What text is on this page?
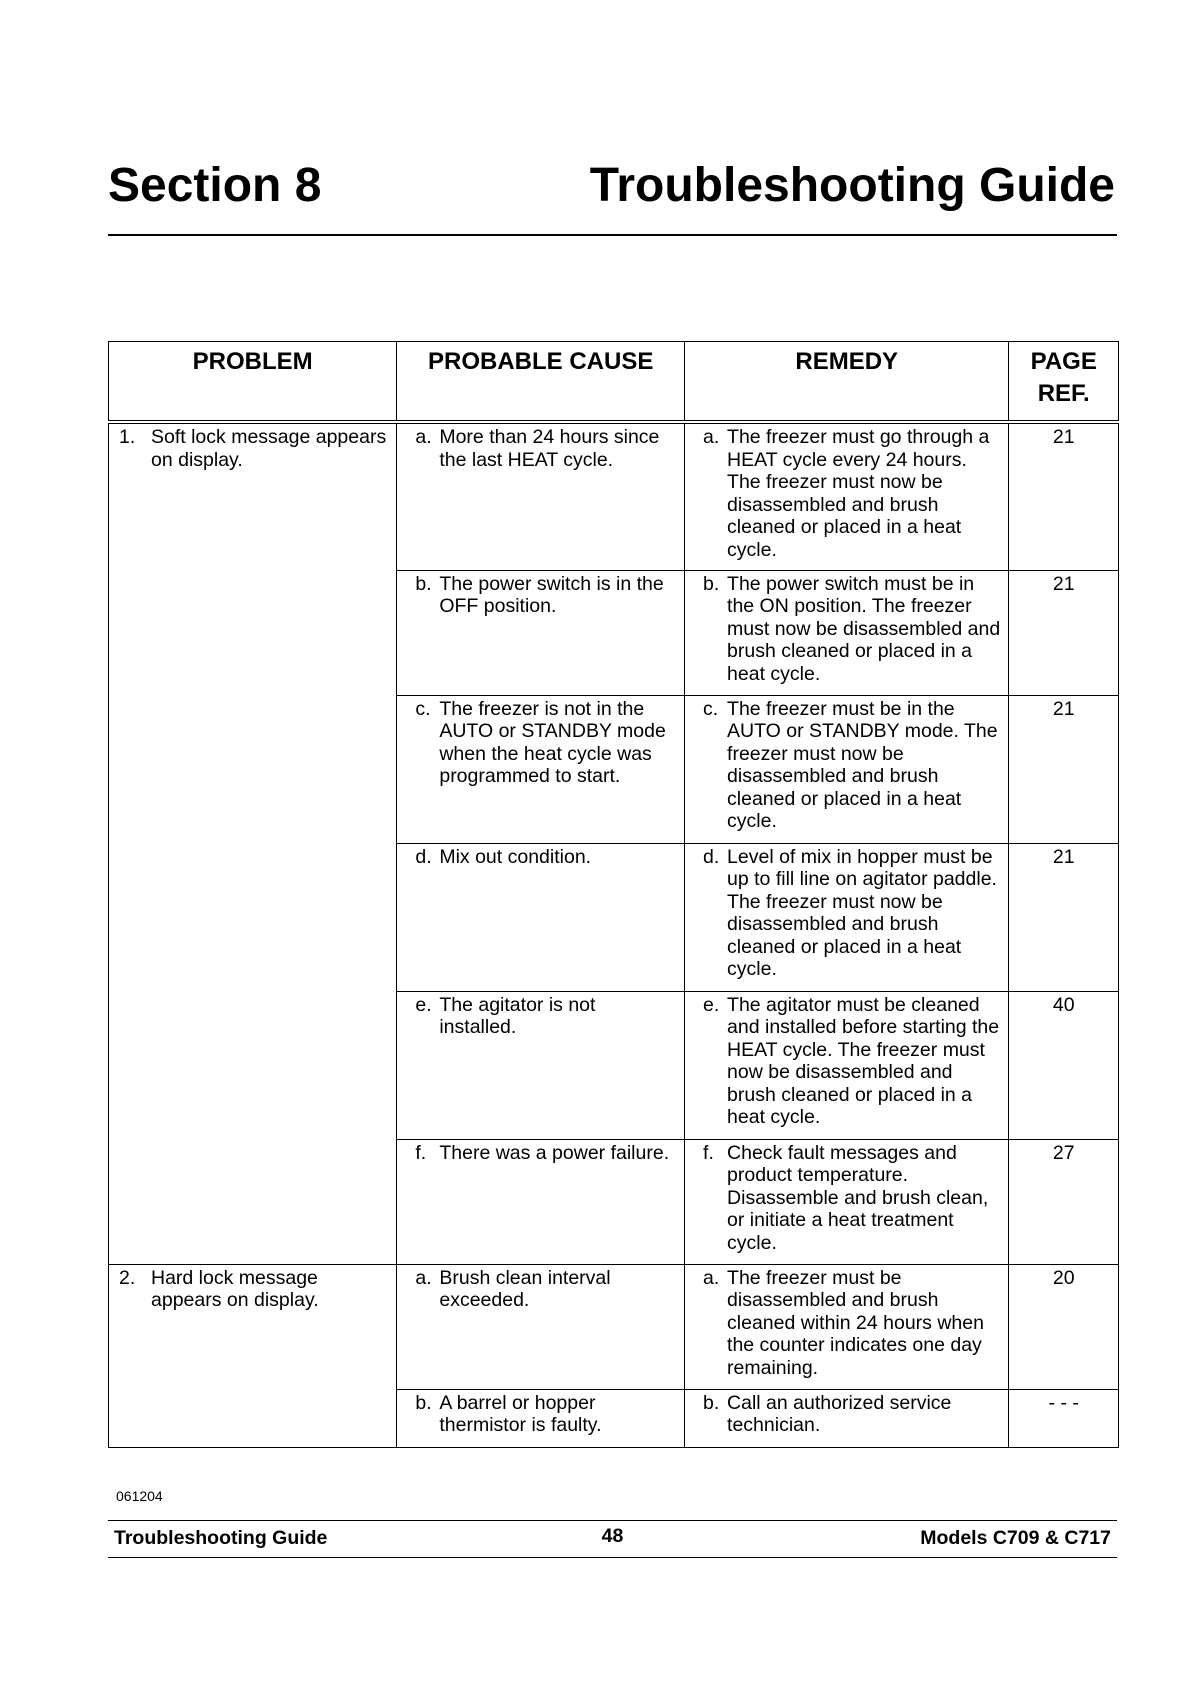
Section 8	Troubleshooting Guide
PROBLEM	PROBABLE CAUSE	REMEDY	PAGE REF.

1. Soft lock message appears on display.	a. More than 24 hours since the last HEAT cycle.	a. The freezer must go through a HEAT cycle every 24 hours. The freezer must now be disassembled and brush cleaned or placed in a heat cycle.	21

	b. The power switch is in the OFF position.	b. The power switch must be in the ON position. The freezer must now be disassembled and brush cleaned or placed in a heat cycle.	21

	c. The freezer is not in the AUTO or STANDBY mode when the heat cycle was programmed to start.	c. The freezer must be in the AUTO or STANDBY mode. The freezer must now be disassembled and brush cleaned or placed in a heat cycle.	21

	d. Mix out condition.	d. Level of mix in hopper must be up to fill line on agitator paddle. The freezer must now be disassembled and brush cleaned or placed in a heat cycle.	21

	e. The agitator is not installed.	e. The agitator must be cleaned and installed before starting the HEAT cycle. The freezer must now be disassembled and brush cleaned or placed in a heat cycle.	40

	f. There was a power failure.	f. Check fault messages and product temperature. Disassemble and brush clean, or initiate a heat treatment cycle.	27

2. Hard lock message appears on display.	a. Brush clean interval exceeded.	a. The freezer must be disassembled and brush cleaned within 24 hours when the counter indicates one day remaining.	20

	b. A barrel or hopper thermistor is faulty.	b. Call an authorized service technician.	- - -
061204
Troubleshooting Guide	48	Models C709 & C717
